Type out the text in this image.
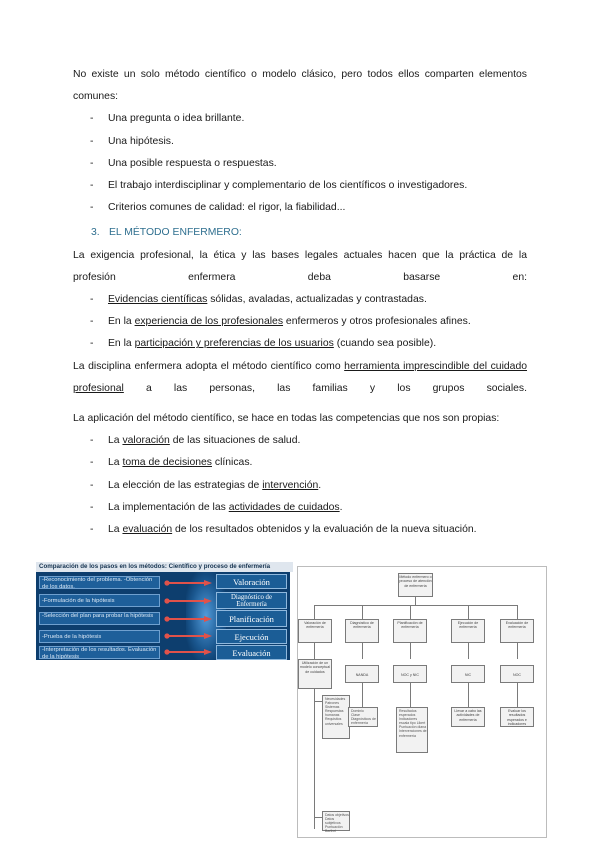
No existe un solo método científico o modelo clásico, pero todos ellos comparten elementos comunes:

- Una pregunta o idea brillante.
- Una hipótesis.
- Una posible respuesta o respuestas.
- El trabajo interdisciplinar y complementario de los científicos o investigadores.
- Criterios comunes de calidad: el rigor, la fiabilidad...

3. EL MÉTODO ENFERMERO:

La exigencia profesional, la ética y las bases legales actuales hacen que la práctica de la profesión enfermera deba basarse en:

- Evidencias científicas sólidas, avaladas, actualizadas y contrastadas.
- En la experiencia de los profesionales enfermeros y otros profesionales afines.
- En la participación y preferencias de los usuarios (cuando sea posible).

La disciplina enfermera adopta el método científico como herramienta imprescindible del cuidado profesional a las personas, las familias y los grupos sociales.

La aplicación del método científico, se hace en todas las competencias que nos son propias:

- La valoración de las situaciones de salud.
- La toma de decisiones clínicas.
- La elección de las estrategias de intervención.
- La implementación de las actividades de cuidados.
- La evaluación de los resultados obtenidos y la evaluación de la nueva situación.
Comparación de los pasos en los métodos: Científico y proceso de enfermería
-Reconocimiento del problema. -Obtención de los datos.
-Formulación de la hipótesis
-Selección del plan para probar la hipótesis
-Prueba de la hipótesis
-Interpretación de los resultados. Evaluación de la hipótesis
Valoración
Diagnóstico de Enfermería
Planificación
Ejecución
Evaluación
Método enfermero o proceso de atención de enfermería
Valoración de enfermería
Diagnóstico de enfermería
Planificación de enfermería
Ejecución de enfermería
Evaluación de enfermería
Utilización de un modelo conceptual de cuidados
NANDA	NOC y NIC	NIC	NOC
Necesidades
Patrones
Sistemas
Respuestas humanas
Requisitos universales
Datos objetivos
Datos subjetivos
Puntuación Barthel
Dominio
Clase
Diagnósticos de enfermería
Resultados esperados
Indicadores escala tipo Likert
Puntuación diana
Intervenciones de enfermería
Llevar a cabo las actividades de enfermería
Evaluar los resultados esperados e indicadores
